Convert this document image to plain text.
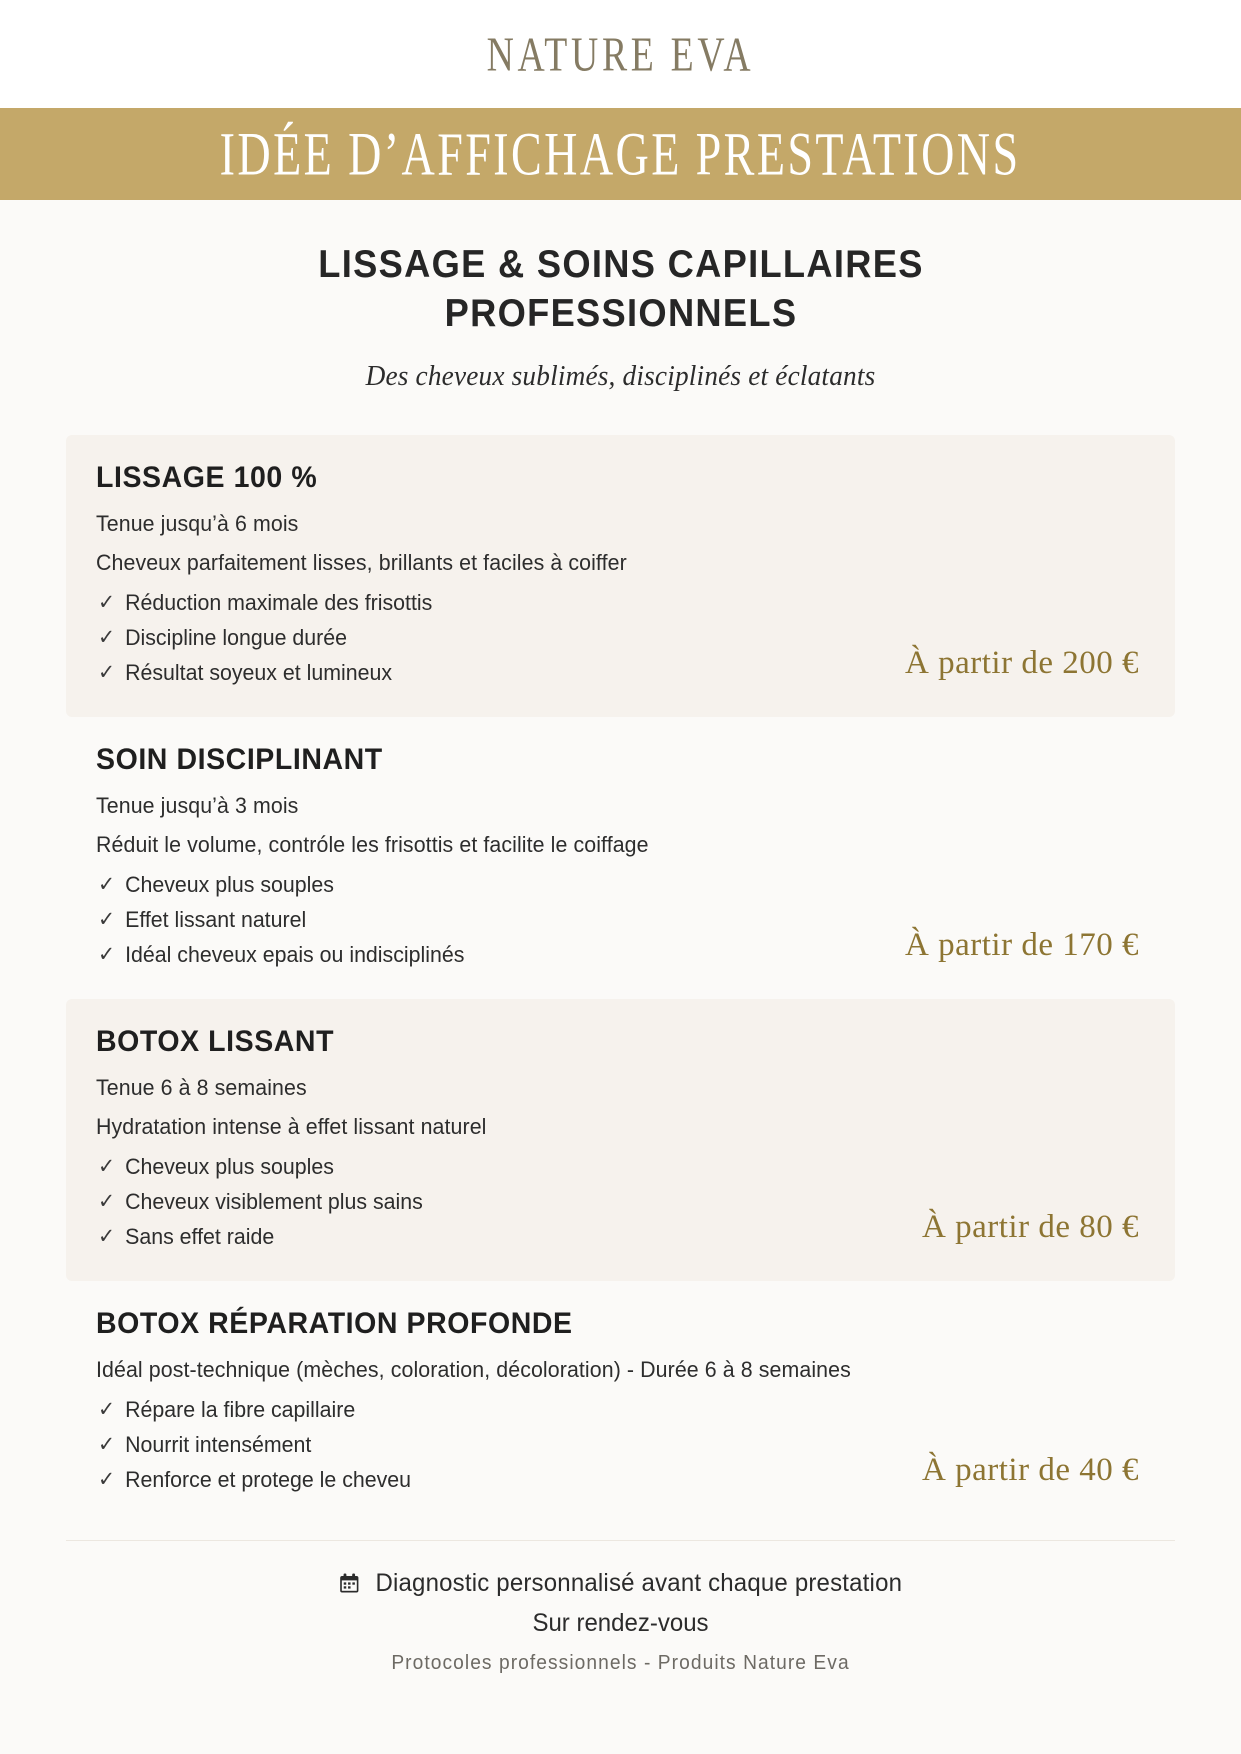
NATURE EVA
IDÉE D’AFFICHAGE PRESTATIONS
LISSAGE & SOINS CAPILLAIRES
PROFESSIONNELS
Des cheveux sublimés, disciplinés et éclatants
LISSAGE 100 %
Tenue jusqu’à 6 mois
Cheveux parfaitement lisses, brillants et faciles à coiffer
✓ Réduction maximale des frisottis
✓ Discipline longue durée
✓ Résultat soyeux et lumineux	À partir de 200 €
SOIN DISCIPLINANT
Tenue jusqu’à 3 mois
Réduit le volume, contróle les frisottis et facilite le coiffage
✓ Cheveux plus souples
✓ Effet lissant naturel
✓ Idéal cheveux epais ou indisciplinés	À partir de 170 €
BOTOX LISSANT
Tenue 6 à 8 semaines
Hydratation intense à effet lissant naturel
✓ Cheveux plus souples
✓ Cheveux visiblement plus sains
✓ Sans effet raide	À partir de 80 €
BOTOX RÉPARATION PROFONDE
Idéal post-technique (mèches, coloration, décoloration) - Durée 6 à 8 semaines
✓ Répare la fibre capillaire
✓ Nourrit intensément
✓ Renforce et protege le cheveu	À partir de 40 €
Diagnostic personnalisé avant chaque prestation
Sur rendez-vous
Protocoles professionnels - Produits Nature Eva
